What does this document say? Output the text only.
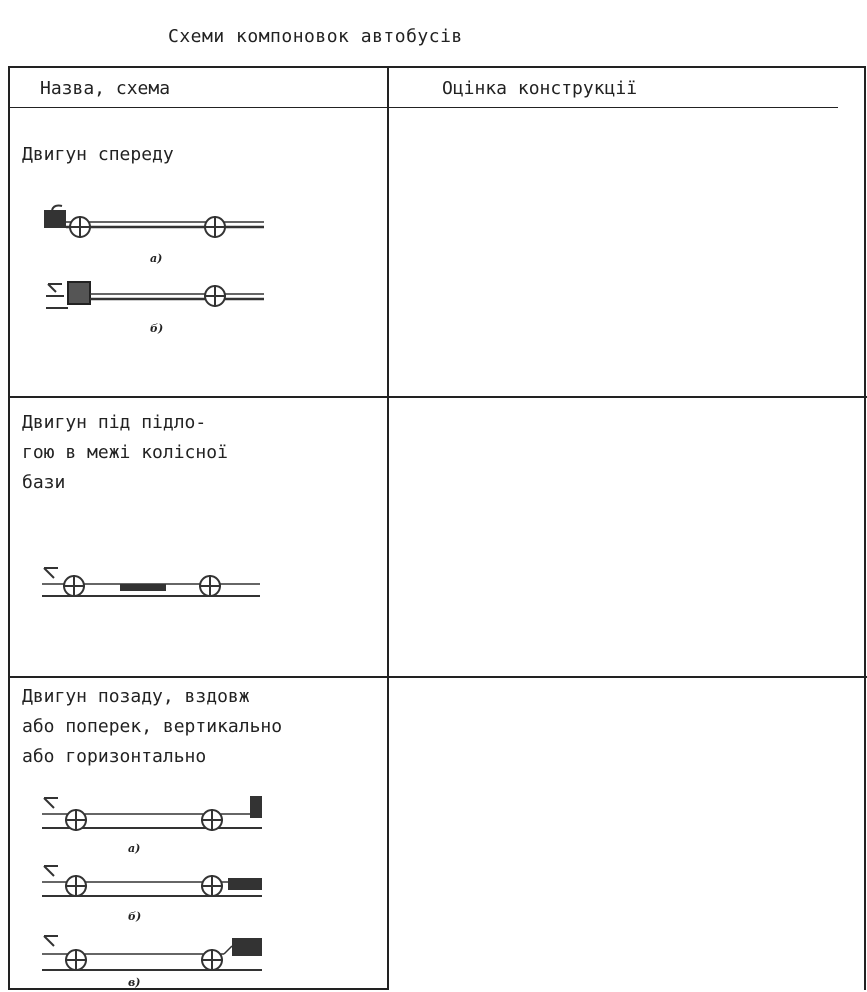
Схеми компоновок автобусів
Назва, схема	Оцінка конструкції
Двигун спереду
а)
б)
Двигун під підло-
гою в межі колісної
бази
Двигун позаду, вздовж
або поперек, вертикально
або горизонтально
а)
б)
в)
